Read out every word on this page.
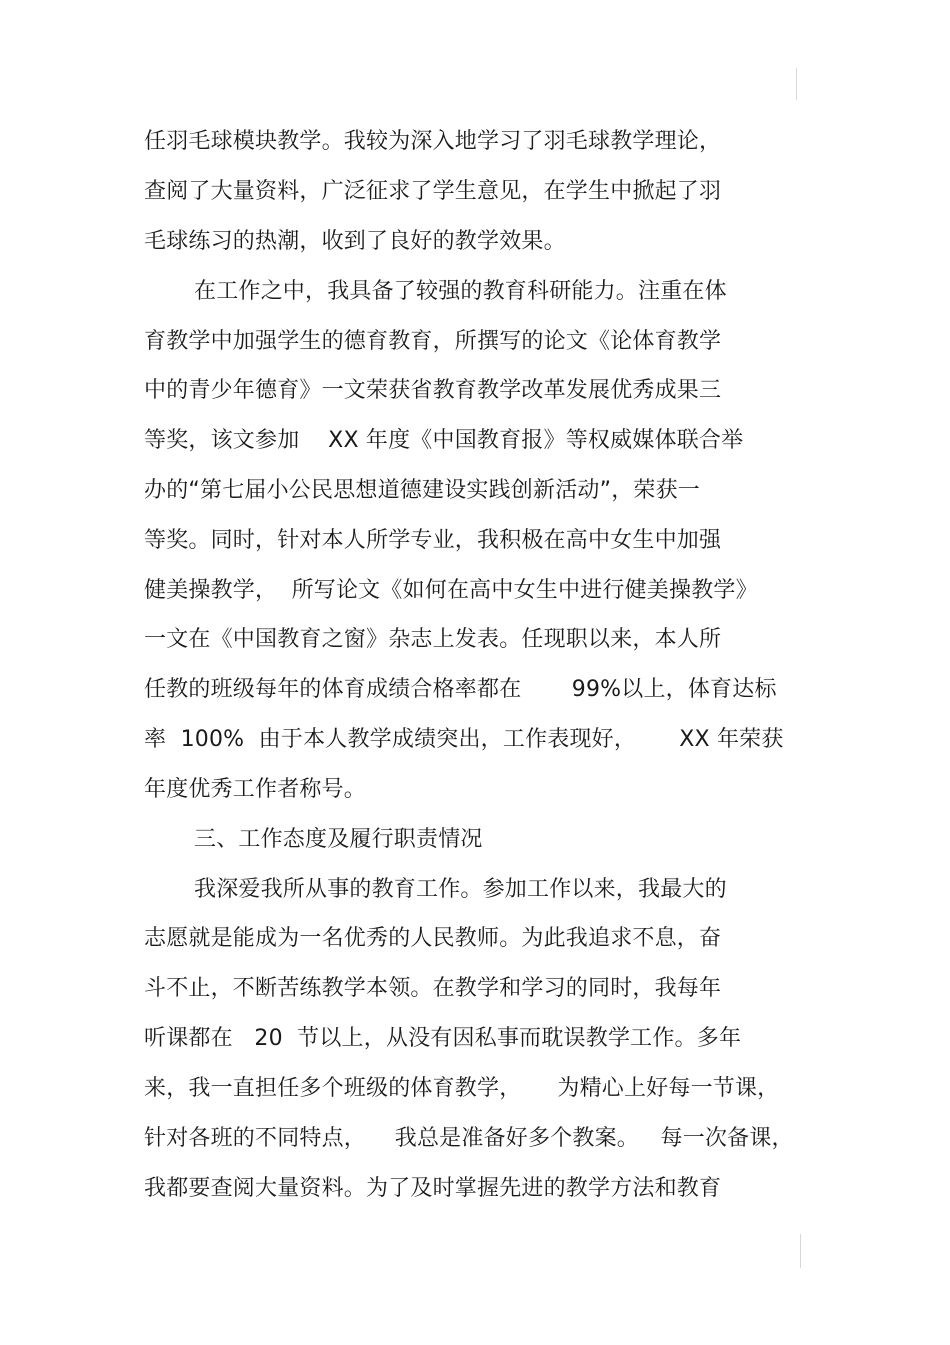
任羽毛球模块教学。我较为深入地学习了羽毛球教学理论，
查阅了大量资料，广泛征求了学生意见，在学生中掀起了羽
毛球练习的热潮，收到了良好的教学效果。
在工作之中，我具备了较强的教育科研能力。注重在体
育教学中加强学生的德育教育，所撰写的论文《论体育教学
中的青少年德育》一文荣获省教育教学改革发展优秀成果三
等奖，该文参加    XX 年度《中国教育报》等权威媒体联合举
办的“第七届小公民思想道德建设实践创新活动”，荣获一
等奖。同时，针对本人所学专业，我积极在高中女生中加强
健美操教学，  所写论文《如何在高中女生中进行健美操教学》
一文在《中国教育之窗》杂志上发表。任现职以来，本人所
任教的班级每年的体育成绩合格率都在       99%以上，体育达标
率  100%  由于本人教学成绩突出，工作表现好，      XX 年荣获
年度优秀工作者称号。
三、工作态度及履行职责情况
我深爱我所从事的教育工作。参加工作以来，我最大的
志愿就是能成为一名优秀的人民教师。为此我追求不息，奋
斗不止，不断苦练教学本领。在教学和学习的同时，我每年
听课都在   20  节以上，从没有因私事而耽误教学工作。多年
来，我一直担任多个班级的体育教学，     为精心上好每一节课，
针对各班的不同特点，    我总是准备好多个教案。   每一次备课，
我都要查阅大量资料。为了及时掌握先进的教学方法和教育
